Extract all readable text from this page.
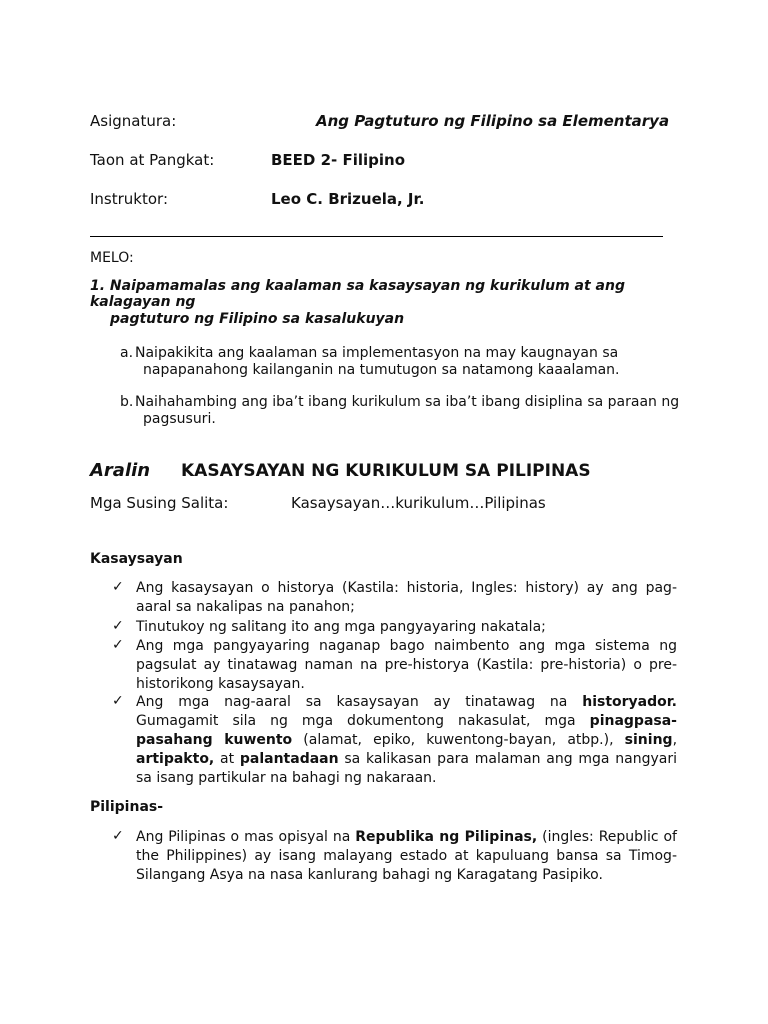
Asignatura:	Ang Pagtuturo ng Filipino sa Elementarya
Taon at Pangkat:	BEED 2- Filipino
Instruktor:	Leo C. Brizuela, Jr.
MELO:
1. Naipamamalas ang kaalaman sa kasaysayan ng kurikulum at ang kalagayan ng
pagtuturo ng Filipino sa kasalukuyan
a. Naipakikita ang kaalaman sa implementasyon na may kaugnayan sa
napapanahong kailanganin na tumutugon sa natamong kaaalaman.
b. Naihahambing ang iba’t ibang kurikulum sa iba’t ibang disiplina sa paraan ng
pagsusuri.
Aralin KASAYSAYAN NG KURIKULUM SA PILIPINAS
Mga Susing Salita:	Kasaysayan…kurikulum…Pilipinas
Kasaysayan
✓ Ang kasaysayan o historya (Kastila: historia, Ingles: history) ay ang pag-aaral sa nakalipas na panahon;
✓ Tinutukoy ng salitang ito ang mga pangyayaring nakatala;
✓ Ang mga pangyayaring naganap bago naimbento ang mga sistema ng pagsulat ay tinatawag naman na pre-historya (Kastila: pre-historia) o pre-historikong kasaysayan.
✓ Ang mga nag-aaral sa kasaysayan ay tinatawag na historyador. Gumagamit sila ng mga dokumentong nakasulat, mga pinagpasa-pasahang kuwento (alamat, epiko, kuwentong-bayan, atbp.), sining, artipakto, at palantadaan sa kalikasan para malaman ang mga nangyari sa isang partikular na bahagi ng nakaraan.
Pilipinas-
✓ Ang Pilipinas o mas opisyal na Republika ng Pilipinas, (ingles: Republic of the Philippines) ay isang malayang estado at kapuluang bansa sa Timog-Silangang Asya na nasa kanlurang bahagi ng Karagatang Pasipiko.
